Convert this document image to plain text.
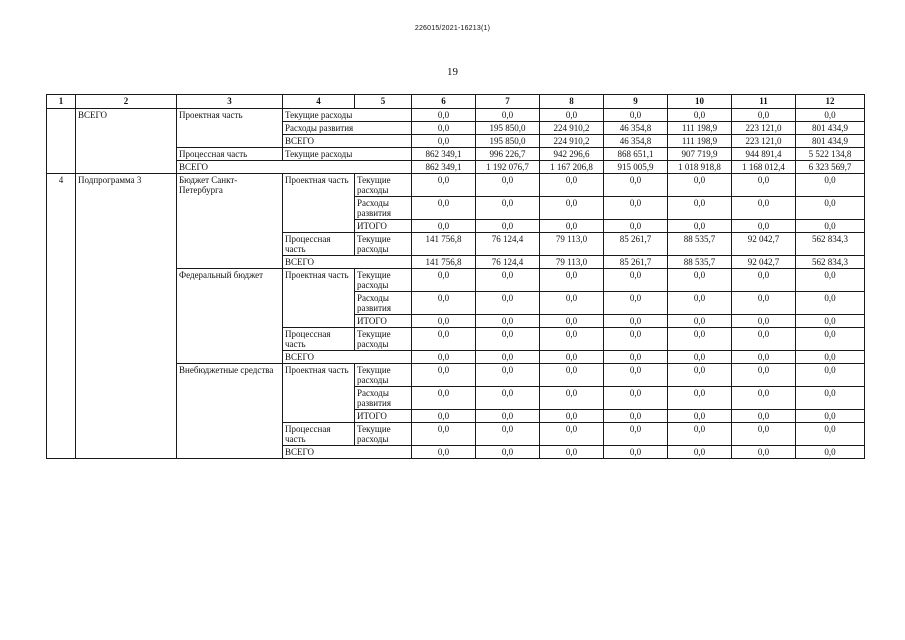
226015/2021-16213(1)
19
1	2	3	4	5	6	7	8	9	10	11	12
	ВСЕГО	Проектная часть	Текущие расходы		0,0	0,0	0,0	0,0	0,0	0,0	0,0
			Расходы развития		0,0	195 850,0	224 910,2	46 354,8	111 198,9	223 121,0	801 434,9
			ВСЕГО		0,0	195 850,0	224 910,2	46 354,8	111 198,9	223 121,0	801 434,9
		Процессная часть	Текущие расходы		862 349,1	996 226,7	942 296,6	868 651,1	907 719,9	944 891,4	5 522 134,8
		ВСЕГО			862 349,1	1 192 076,7	1 167 206,8	915 005,9	1 018 918,8	1 168 012,4	6 323 569,7
4	Подпрограмма 3	Бюджет Санкт-Петербурга	Проектная часть	Текущие расходы	0,0	0,0	0,0	0,0	0,0	0,0	0,0
				Расходы развития	0,0	0,0	0,0	0,0	0,0	0,0	0,0
				ИТОГО	0,0	0,0	0,0	0,0	0,0	0,0	0,0
			Процессная часть	Текущие расходы	141 756,8	76 124,4	79 113,0	85 261,7	88 535,7	92 042,7	562 834,3
			ВСЕГО		141 756,8	76 124,4	79 113,0	85 261,7	88 535,7	92 042,7	562 834,3
		Федеральный бюджет	Проектная часть	Текущие расходы	0,0	0,0	0,0	0,0	0,0	0,0	0,0
				Расходы развития	0,0	0,0	0,0	0,0	0,0	0,0	0,0
				ИТОГО	0,0	0,0	0,0	0,0	0,0	0,0	0,0
			Процессная часть	Текущие расходы	0,0	0,0	0,0	0,0	0,0	0,0	0,0
			ВСЕГО		0,0	0,0	0,0	0,0	0,0	0,0	0,0
		Внебюджетные средства	Проектная часть	Текущие расходы	0,0	0,0	0,0	0,0	0,0	0,0	0,0
				Расходы развития	0,0	0,0	0,0	0,0	0,0	0,0	0,0
				ИТОГО	0,0	0,0	0,0	0,0	0,0	0,0	0,0
			Процессная часть	Текущие расходы	0,0	0,0	0,0	0,0	0,0	0,0	0,0
			ВСЕГО		0,0	0,0	0,0	0,0	0,0	0,0	0,0
